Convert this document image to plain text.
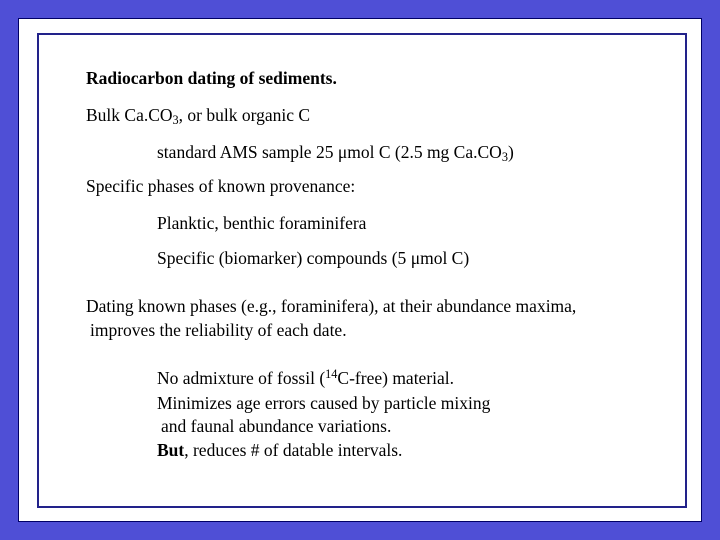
Radiocarbon dating of sediments.

Bulk $Ca.CO_3$, or bulk organic C

standard AMS sample 25 μmol C (2.5 mg $Ca.CO_3$)

Specific phases of known provenance:

Planktic, benthic foraminifera

Specific (biomarker) compounds (5 μmol C)

Dating known phases (e.g., foraminifera), at their abundance maxima,

improves the reliability of each date.

No admixture of fossil ($^{14}$C-free) material.

Minimizes age errors caused by particle mixing

and faunal abundance variations.

But, reduces # of datable intervals.
